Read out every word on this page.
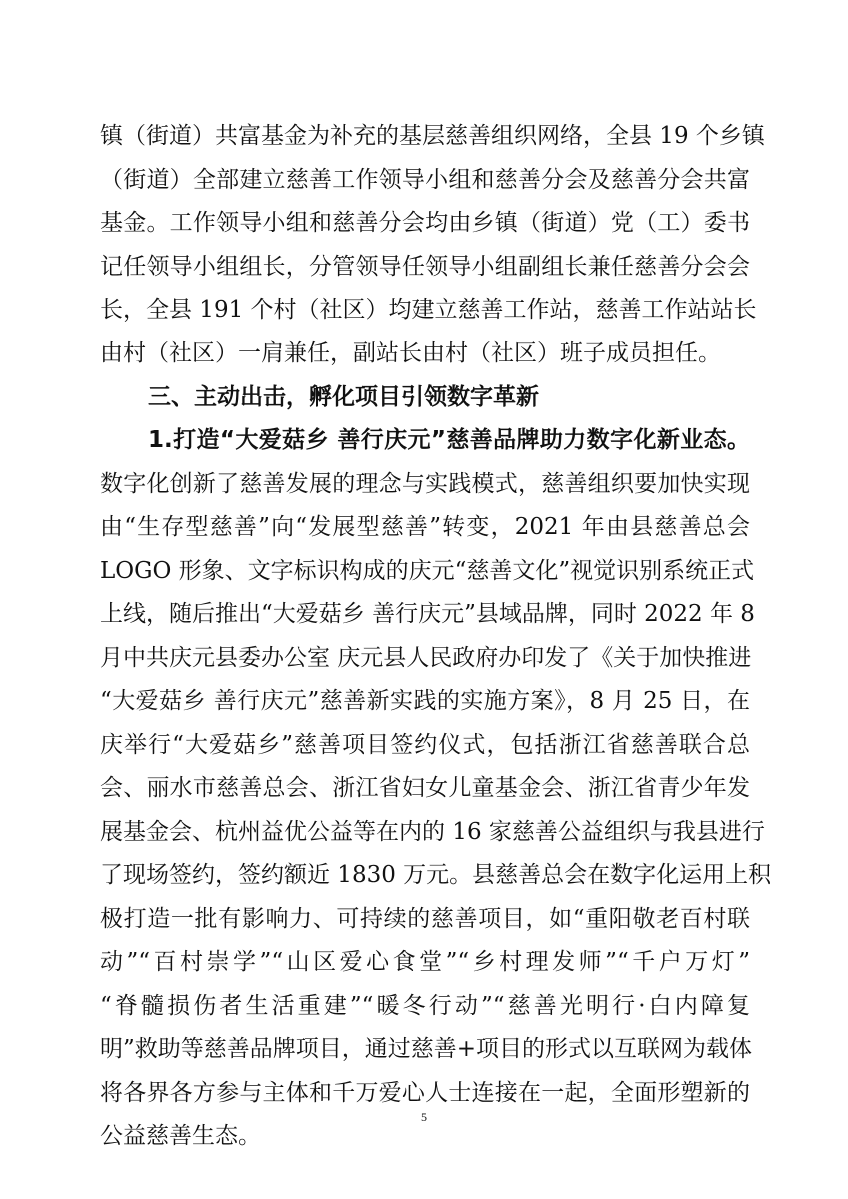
镇（街道）共富基金为补充的基层慈善组织网络，全县 19 个乡镇
（街道）全部建立慈善工作领导小组和慈善分会及慈善分会共富
基金。工作领导小组和慈善分会均由乡镇（街道）党（工）委书
记任领导小组组长，分管领导任领导小组副组长兼任慈善分会会
长，全县 191 个村（社区）均建立慈善工作站，慈善工作站站长
由村（社区）一肩兼任，副站长由村（社区）班子成员担任。
三、主动出击，孵化项目引领数字革新
1.打造“大爱菇乡 善行庆元”慈善品牌助力数字化新业态。
数字化创新了慈善发展的理念与实践模式，慈善组织要加快实现
由“生存型慈善”向“发展型慈善”转变，2021 年由县慈善总会
LOGO 形象、文字标识构成的庆元“慈善文化”视觉识别系统正式
上线，随后推出“大爱菇乡 善行庆元”县域品牌，同时 2022 年 8
月中共庆元县委办公室 庆元县人民政府办印发了《关于加快推进
“大爱菇乡 善行庆元”慈善新实践的实施方案》，8 月 25 日，在
庆举行“大爱菇乡”慈善项目签约仪式，包括浙江省慈善联合总
会、丽水市慈善总会、浙江省妇女儿童基金会、浙江省青少年发
展基金会、杭州益优公益等在内的 16 家慈善公益组织与我县进行
了现场签约，签约额近 1830 万元。县慈善总会在数字化运用上积
极打造一批有影响力、可持续的慈善项目，如“重阳敬老百村联
动”“百村崇学”“山区爱心食堂”“乡村理发师”“千户万灯”
“脊髓损伤者生活重建”“暖冬行动”“慈善光明行·白内障复
明”救助等慈善品牌项目，通过慈善+项目的形式以互联网为载体
将各界各方参与主体和千万爱心人士连接在一起，全面形塑新的
公益慈善生态。
5
